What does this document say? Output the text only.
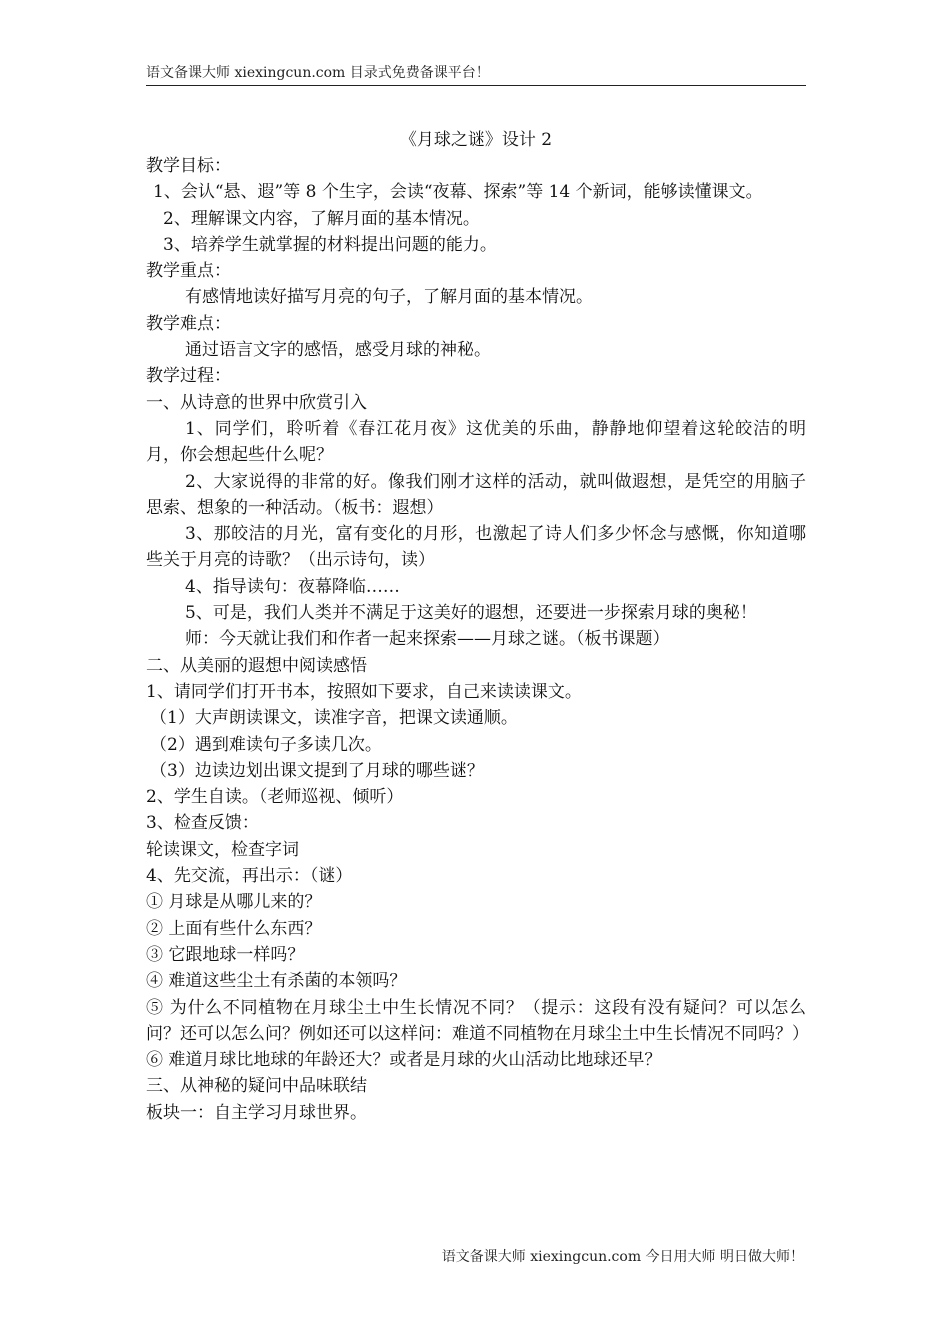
语文备课大师 xiexingcun.com 目录式免费备课平台！
《月球之谜》设计 2
教学目标：
1、会认“悬、遐”等 8 个生字，会读“夜幕、探索”等 14 个新词，能够读懂课文。
2、理解课文内容，了解月面的基本情况。
3、培养学生就掌握的材料提出问题的能力。
教学重点：
有感情地读好描写月亮的句子，了解月面的基本情况。
教学难点：
通过语言文字的感悟，感受月球的神秘。
教学过程：
一、从诗意的世界中欣赏引入
1、同学们，聆听着《春江花月夜》这优美的乐曲，静静地仰望着这轮皎洁的明月，你会想起些什么呢？
2、大家说得的非常的好。像我们刚才这样的活动，就叫做遐想，是凭空的用脑子思索、想象的一种活动。（板书：遐想）
3、那皎洁的月光，富有变化的月形，也激起了诗人们多少怀念与感慨，你知道哪些关于月亮的诗歌？（出示诗句，读）
4、指导读句：夜幕降临……
5、可是，我们人类并不满足于这美好的遐想，还要进一步探索月球的奥秘！
师：今天就让我们和作者一起来探索——月球之谜。（板书课题）
二、从美丽的遐想中阅读感悟
1、请同学们打开书本，按照如下要求，自己来读读课文。
（1）大声朗读课文，读准字音，把课文读通顺。
（2）遇到难读句子多读几次。
（3）边读边划出课文提到了月球的哪些谜？
2、学生自读。（老师巡视、倾听）
3、检查反馈：
轮读课文，检查字词
4、先交流，再出示：（谜）
① 月球是从哪儿来的？
② 上面有些什么东西？
③ 它跟地球一样吗？
④ 难道这些尘土有杀菌的本领吗？
⑤ 为什么不同植物在月球尘土中生长情况不同？（提示：这段有没有疑问？可以怎么问？还可以怎么问？例如还可以这样问：难道不同植物在月球尘土中生长情况不同吗？）
⑥ 难道月球比地球的年龄还大？或者是月球的火山活动比地球还早？
三、从神秘的疑问中品味联结
板块一：自主学习月球世界。
语文备课大师 xiexingcun.com 今日用大师 明日做大师！
